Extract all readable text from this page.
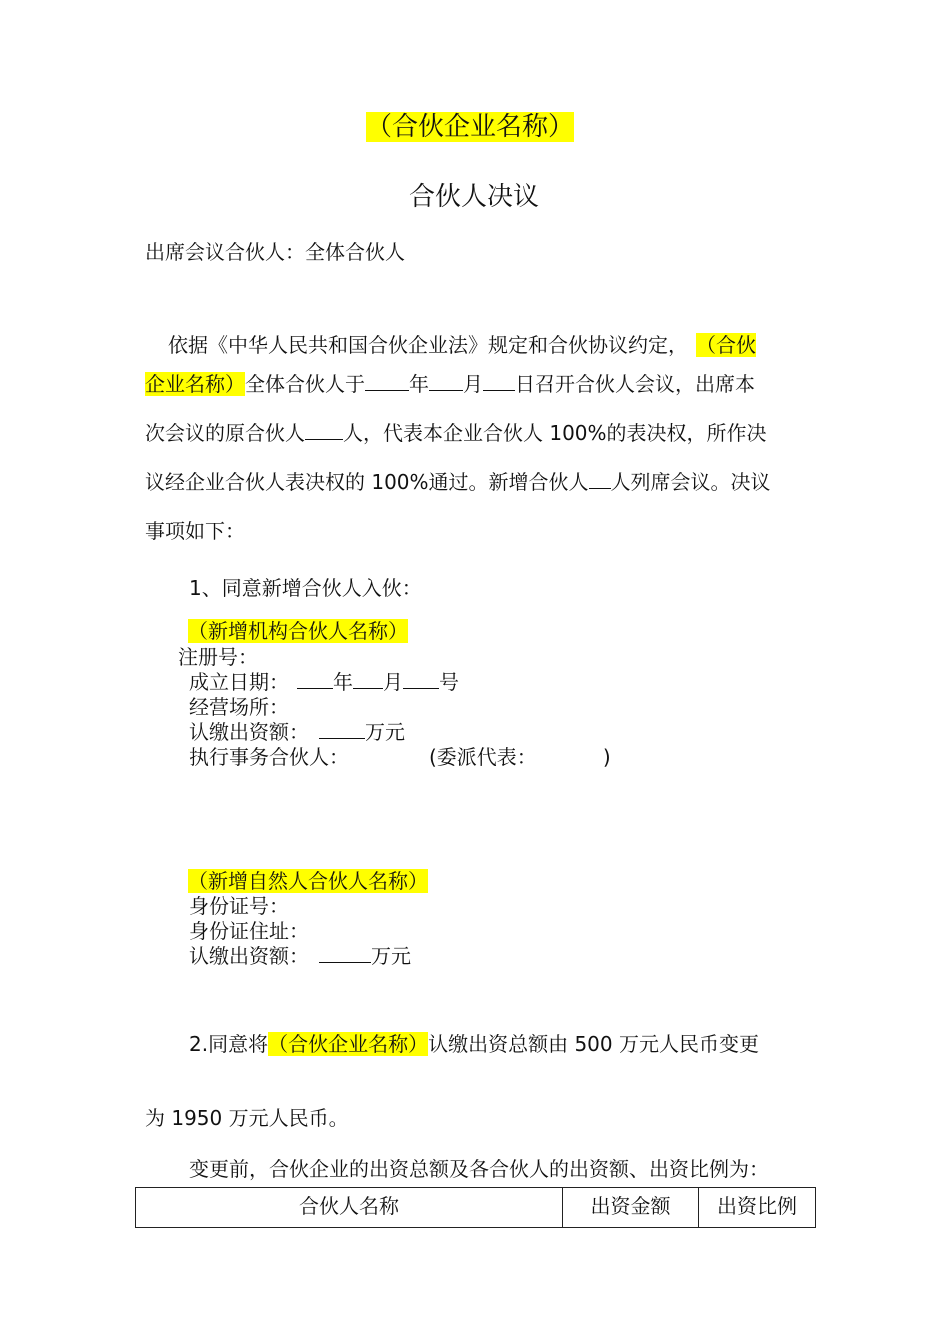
（合伙企业名称）
合伙人决议
出席会议合伙人：全体合伙人
依据《中华人民共和国合伙企业法》规定和合伙协议约定， （合伙
企业名称）全体合伙人于 年 月 日召开合伙人会议，出席本
次会议的原合伙人 人，代表本企业合伙人 100%的表决权，所作决
议经企业合伙人表决权的 100%通过。新增合伙人 人列席会议。决议
事项如下：
1、同意新增合伙人入伙：
（新增机构合伙人名称）
注册号：
成立日期： 年 月 号
经营场所：
认缴出资额：	万元
执行事务合伙人：	(委派代表：	)
（新增自然人合伙人名称）
身份证号：
身份证住址：
认缴出资额：	万元
2.同意将（合伙企业名称）认缴出资总额由 500 万元人民币变更
为 1950 万元人民币。
变更前，合伙企业的出资总额及各合伙人的出资额、出资比例为：
合伙人名称	出资金额	出资比例
